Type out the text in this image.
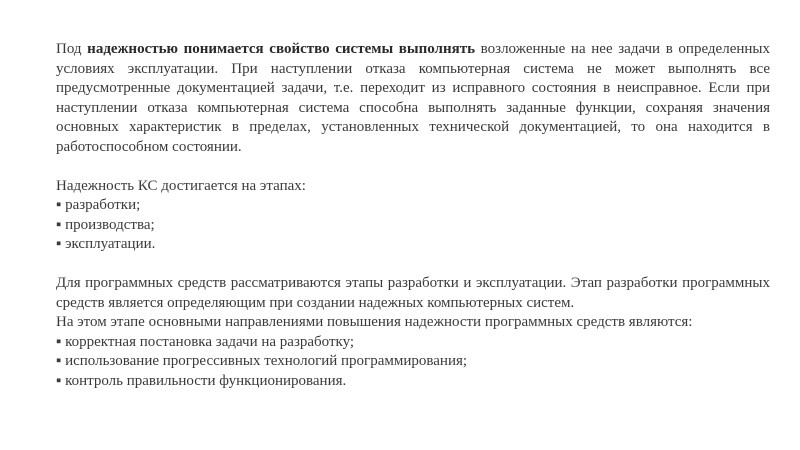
Под надежностью понимается свойство системы выполнять возложенные на нее задачи в определенных условиях эксплуатации. При наступлении отказа компьютерная система не может выполнять все предусмотренные документацией задачи, т.е. переходит из исправного состояния в неисправное. Если при наступлении отказа компьютерная система способна выполнять заданные функции, сохраняя значения основных характеристик в пределах, установленных технической документацией, то она находится в работоспособном состоянии.

Надежность КС достигается на этапах:

▪ разработки;
▪ производства;
▪ эксплуатации.

Для программных средств рассматриваются этапы разработки и эксплуатации. Этап разработки программных средств является определяющим при создании надежных компьютерных систем.

На этом этапе основными направлениями повышения надежности программных средств являются:

▪ корректная постановка задачи на разработку;
▪ использование прогрессивных технологий программирования;
▪ контроль правильности функционирования.
